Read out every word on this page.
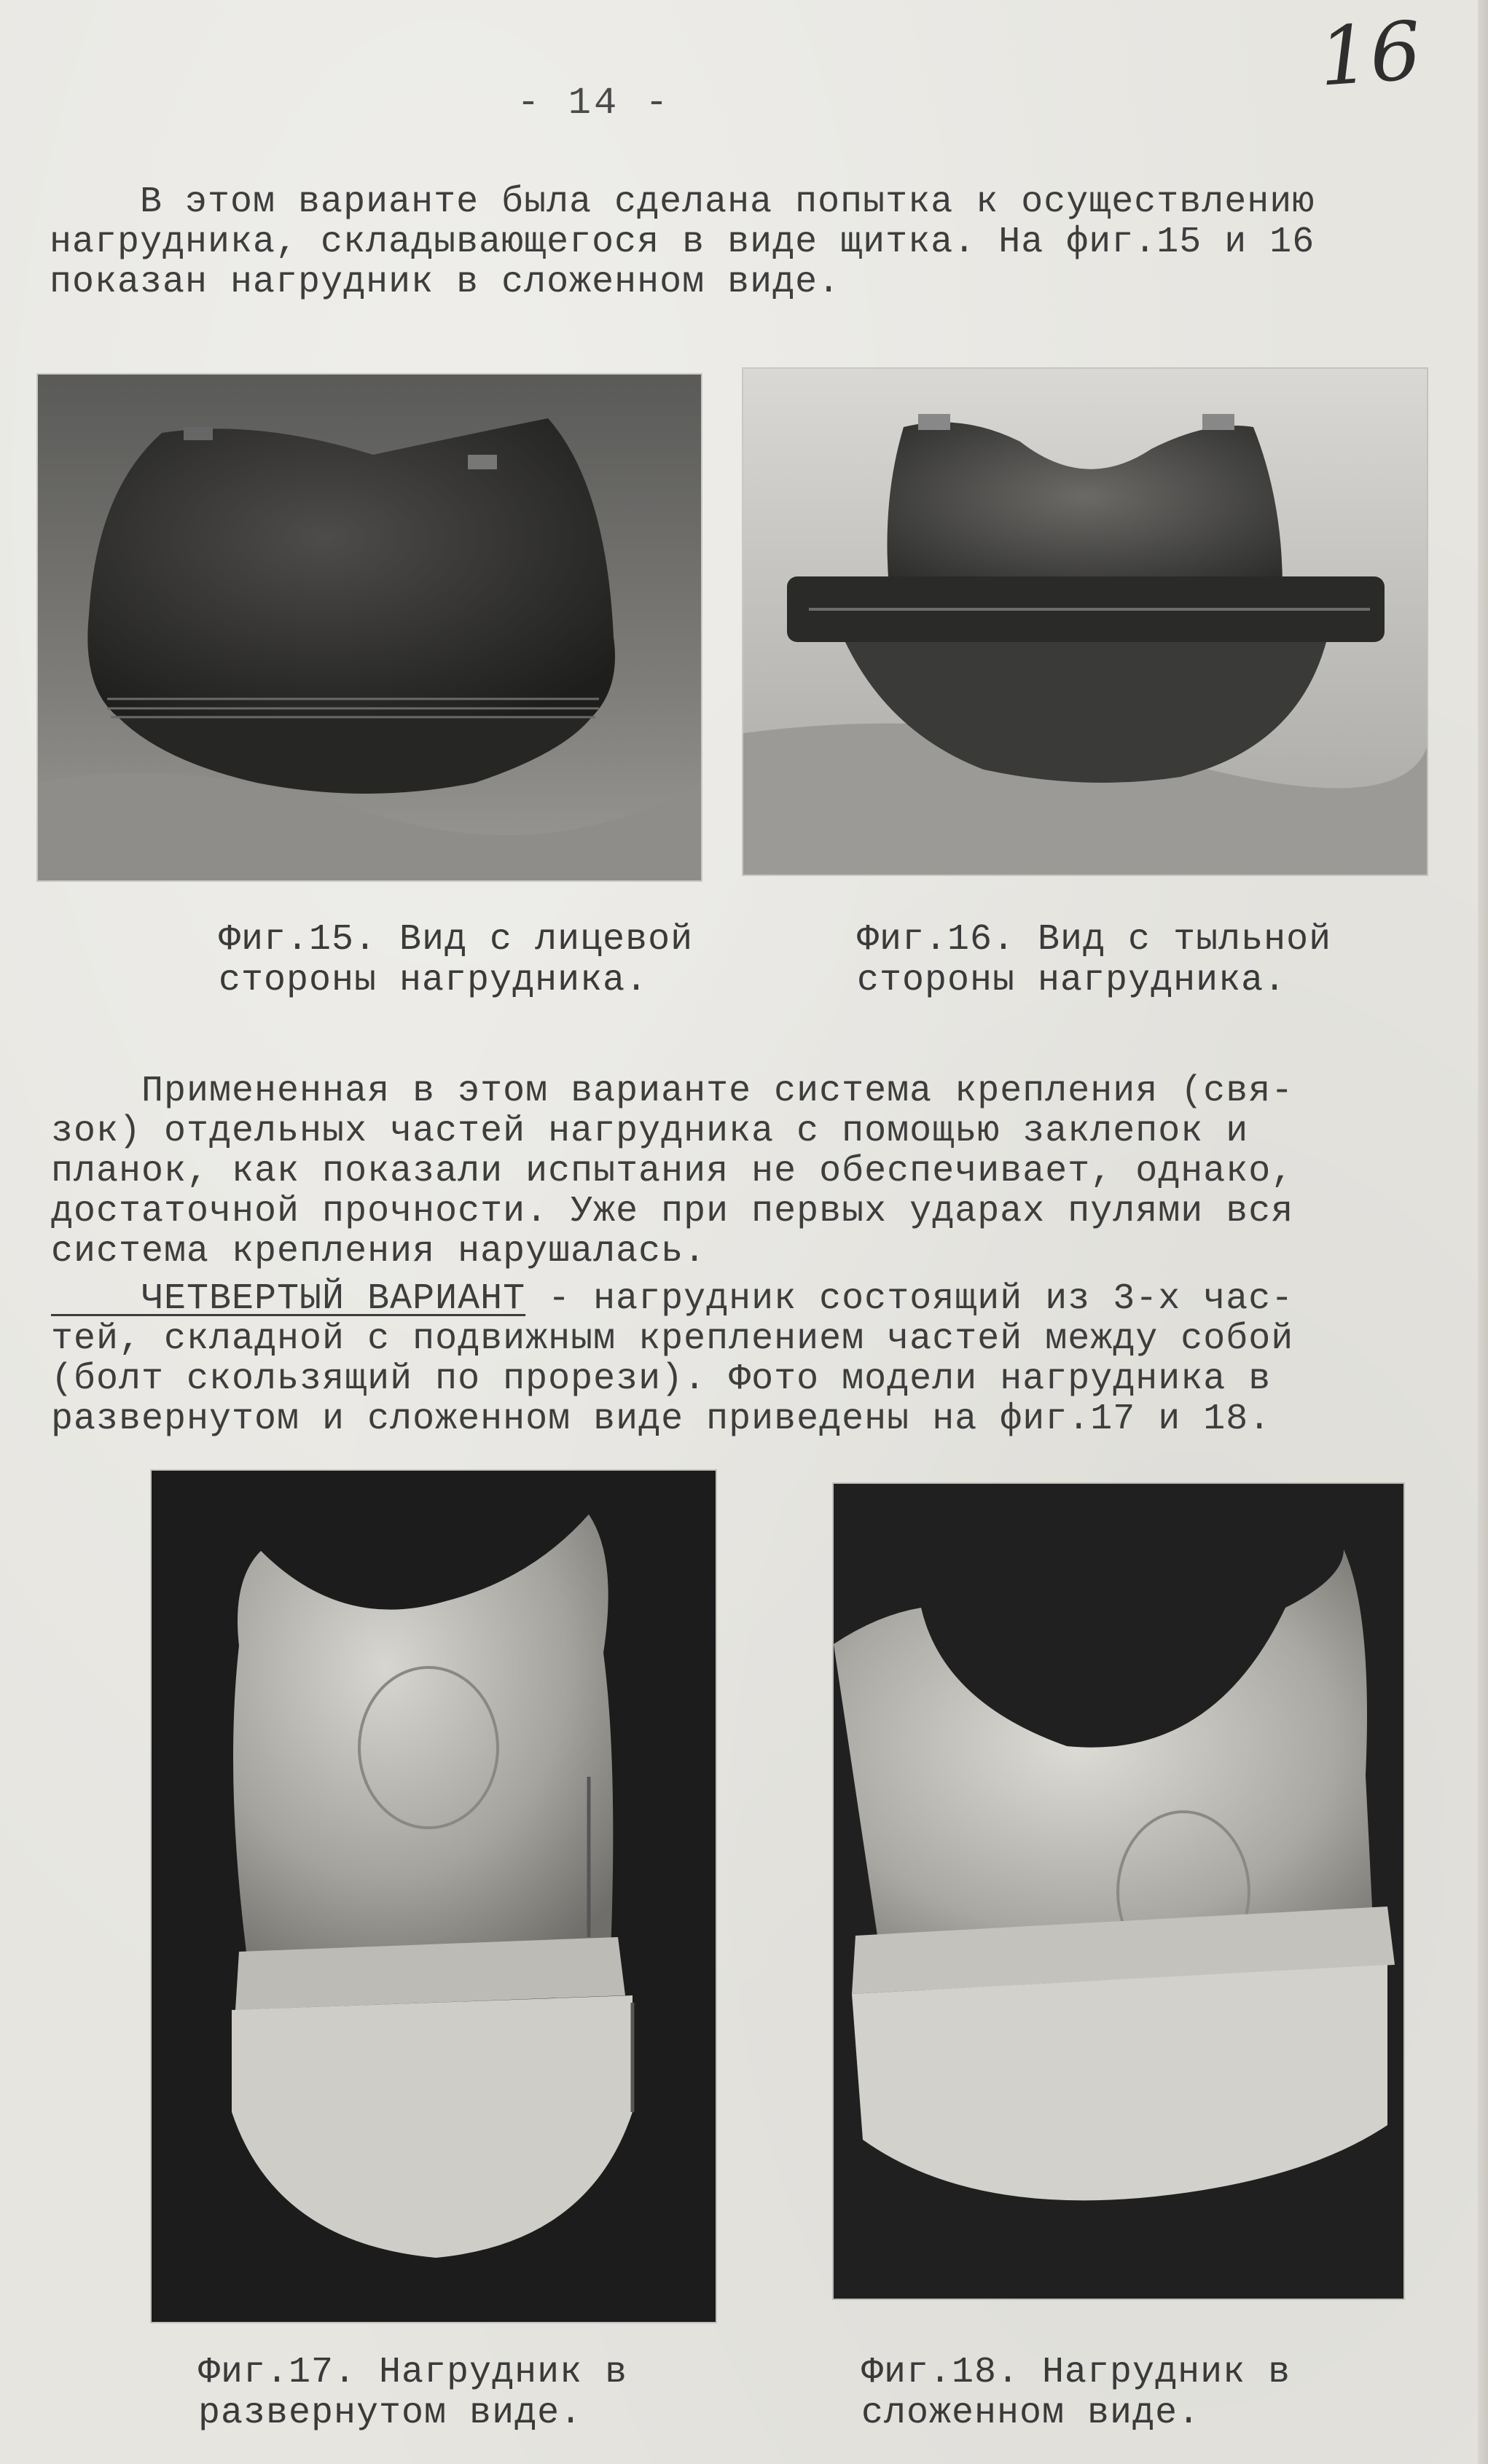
- 14 -	16
В этом варианте была сделана попытка к осуществлению
нагрудника, складывающегося в виде щитка. На фиг.15 и 16
показан нагрудник в сложенном виде.
Фиг.15. Вид с лицевой
стороны нагрудника.
Фиг.16. Вид с тыльной
стороны нагрудника.
Примененная в этом варианте система крепления (свя-
зок) отдельных частей нагрудника с помощью заклепок и
планок, как показали испытания не обеспечивает, однако,
достаточной прочности. Уже при первых ударах пулями вся
система крепления нарушалась.
ЧЕТВЕРТЫЙ ВАРИАНТ - нагрудник состоящий из 3-х час-
тей, складной с подвижным креплением частей между собой
(болт скользящий по прорези). Фото модели нагрудника в
развернутом и сложенном виде приведены на фиг.17 и 18.
Фиг.17. Нагрудник в
развернутом виде.
Фиг.18. Нагрудник в
сложенном виде.
